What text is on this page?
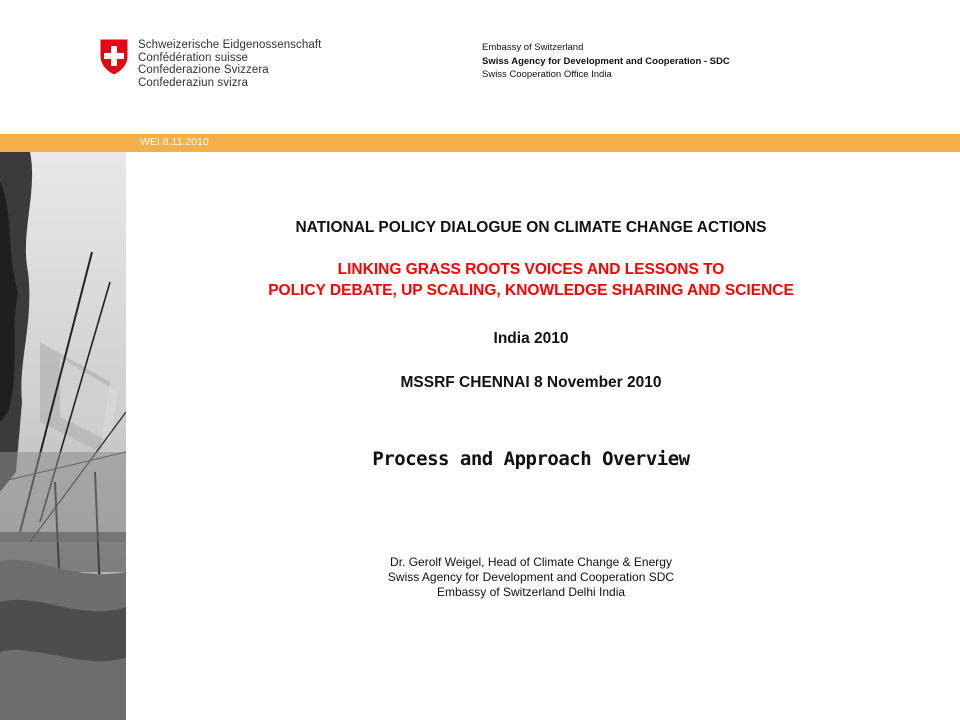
Schweizerische Eidgenossenschaft
Confédération suisse
Confederazione Svizzera
Confederaziun svizra
Embassy of Switzerland
Swiss Agency for Development and Cooperation - SDC
Swiss Cooperation Office India
WEI 8.11.2010
NATIONAL POLICY DIALOGUE ON CLIMATE CHANGE ACTIONS
LINKING GRASS ROOTS VOICES AND LESSONS TO
POLICY DEBATE, UP SCALING, KNOWLEDGE SHARING AND SCIENCE
India 2010
MSSRF CHENNAI 8 November 2010
Process and Approach Overview
Dr. Gerolf Weigel, Head of Climate Change & Energy
Swiss Agency for Development and Cooperation SDC
Embassy of Switzerland Delhi India
